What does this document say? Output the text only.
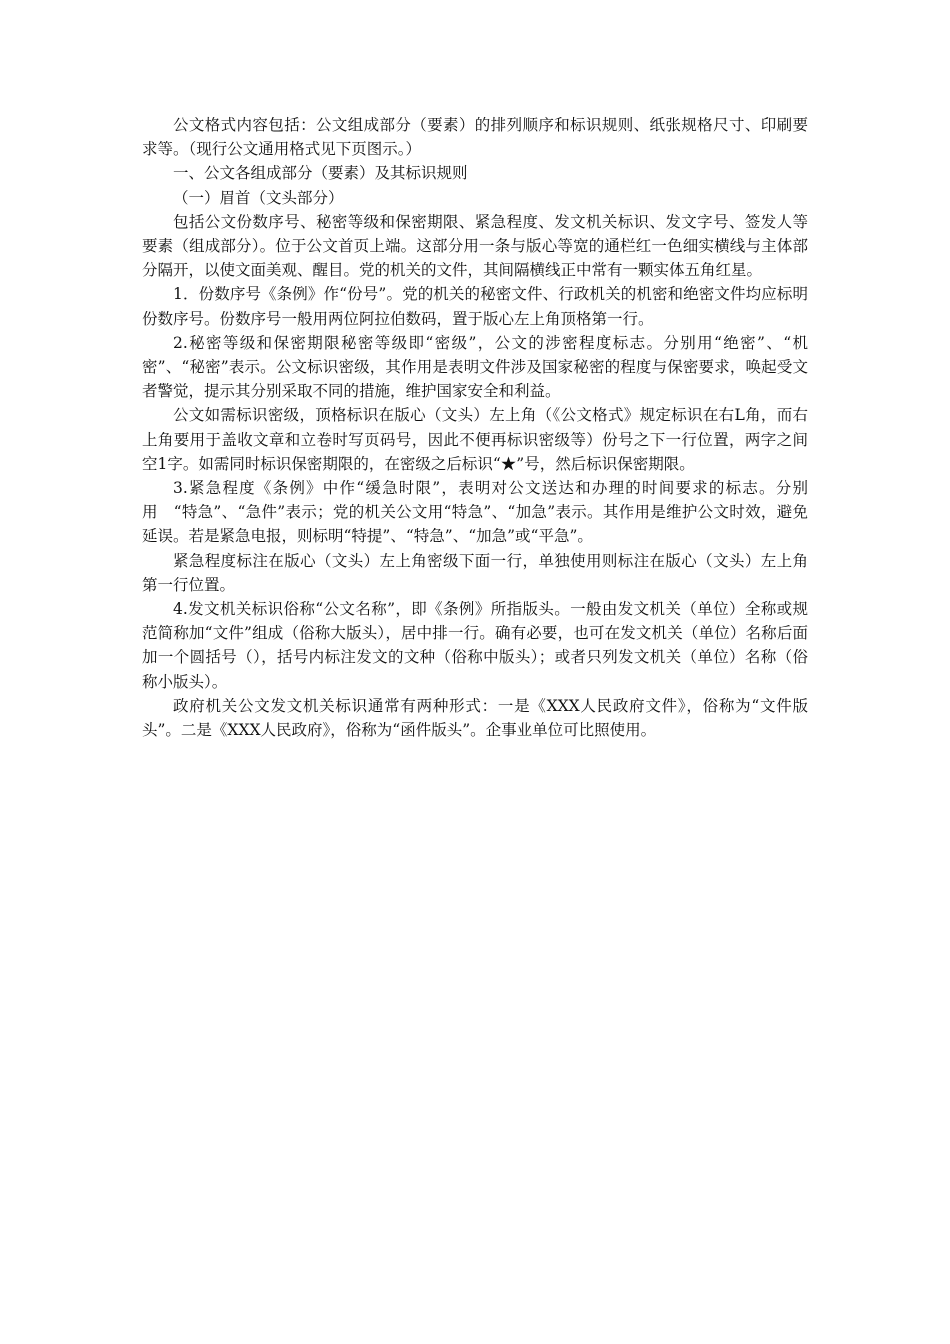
公文格式内容包括：公文组成部分（要素）的排列顺序和标识规则、纸张规格尺寸、印刷要求等。（现行公文通用格式见下页图示。）

一、公文各组成部分（要素）及其标识规则

（一）眉首（文头部分）

包括公文份数序号、秘密等级和保密期限、紧急程度、发文机关标识、发文字号、签发人等要素（组成部分）。位于公文首页上端。这部分用一条与版心等宽的通栏红一色细实横线与主体部分隔开，以使文面美观、醒目。党的机关的文件，其间隔横线正中常有一颗实体五角红星。

1．份数序号《条例》作“份号”。党的机关的秘密文件、行政机关的机密和绝密文件均应标明份数序号。份数序号一般用两位阿拉伯数码，置于版心左上角顶格第一行。

2.秘密等级和保密期限秘密等级即“密级”，公文的涉密程度标志。分别用“绝密”、“机密”、“秘密”表示。公文标识密级，其作用是表明文件涉及国家秘密的程度与保密要求，唤起受文者警觉，提示其分别采取不同的措施，维护国家安全和利益。

公文如需标识密级，顶格标识在版心（文头）左上角（《公文格式》规定标识在右L角，而右上角要用于盖收文章和立卷时写页码号，因此不便再标识密级等）份号之下一行位置，两字之间空1字。如需同时标识保密期限的，在密级之后标识“★”号，然后标识保密期限。

3.紧急程度《条例》中作“缓急时限”，表明对公文送达和办理的时间要求的标志。分别用　“特急”、“急件”表示；党的机关公文用“特急”、“加急”表示。其作用是维护公文时效，避免延误。若是紧急电报，则标明“特提”、“特急”、“加急”或“平急”。

紧急程度标注在版心（文头）左上角密级下面一行，单独使用则标注在版心（文头）左上角第一行位置。

4.发文机关标识俗称“公文名称”，即《条例》所指版头。一般由发文机关（单位）全称或规范简称加“文件”组成（俗称大版头），居中排一行。确有必要，也可在发文机关（单位）名称后面加一个圆括号（），括号内标注发文的文种（俗称中版头）；或者只列发文机关（单位）名称（俗称小版头）。

政府机关公文发文机关标识通常有两种形式：一是《XXX人民政府文件》，俗称为“文件版头”。二是《XXX人民政府》，俗称为“函件版头”。企事业单位可比照使用。
